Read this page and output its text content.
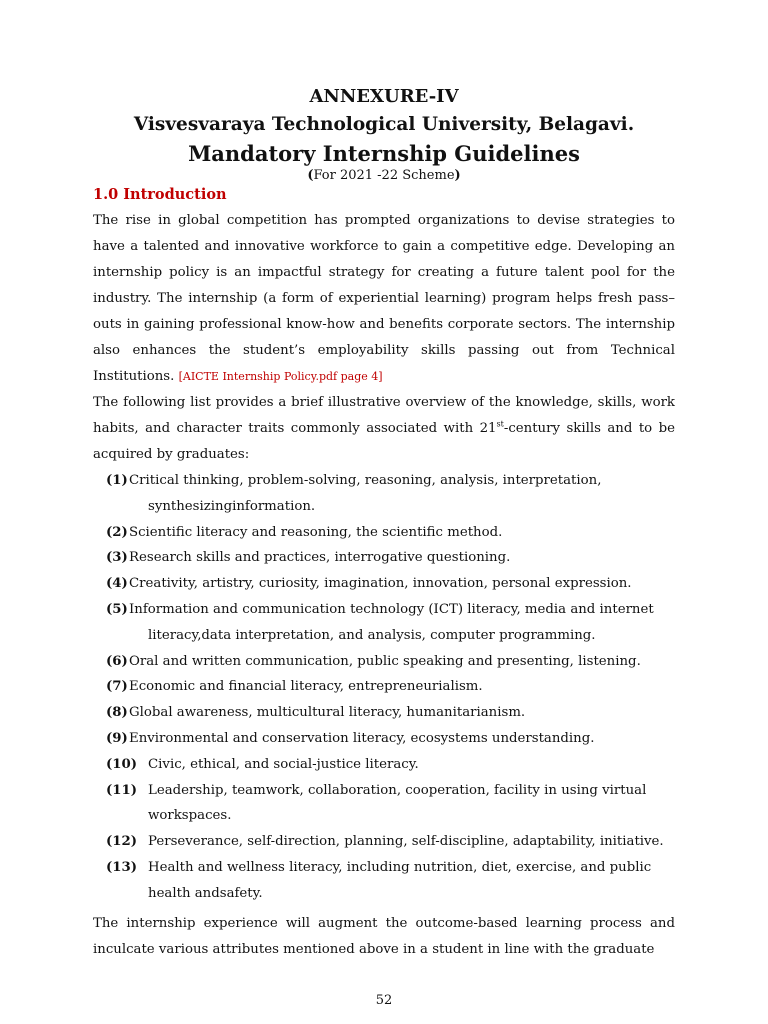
ANNEXURE-IV
Visvesvaraya Technological University, Belagavi.
Mandatory Internship Guidelines
(For 2021 -22 Scheme)
1.0 Introduction
The rise in global competition has prompted organizations to devise strategies to have a talented and innovative workforce to gain a competitive edge. Developing an internship policy is an impactful strategy for creating a future talent pool for the industry. The internship (a form of experiential learning) program helps fresh pass–outs in gaining professional know-how and benefits corporate sectors. The internship also enhances the student’s employability skills passing out from Technical Institutions. [AICTE Internship Policy.pdf page 4]
The following list provides a brief illustrative overview of the knowledge, skills, work habits, and character traits commonly associated with 21st-century skills and to be acquired by graduates:
(1) Critical thinking, problem-solving, reasoning, analysis, interpretation,
synthesizinginformation.
(2) Scientific literacy and reasoning, the scientific method.
(3) Research skills and practices, interrogative questioning.
(4) Creativity, artistry, curiosity, imagination, innovation, personal expression.
(5) Information and communication technology (ICT) literacy, media and internet
literacy,data interpretation, and analysis, computer programming.
(6) Oral and written communication, public speaking and presenting, listening.
(7) Economic and financial literacy, entrepreneurialism.
(8) Global awareness, multicultural literacy, humanitarianism.
(9) Environmental and conservation literacy, ecosystems understanding.
(10) Civic, ethical, and social-justice literacy.
(11) Leadership, teamwork, collaboration, cooperation, facility in using virtual
workspaces.
(12) Perseverance, self-direction, planning, self-discipline, adaptability, initiative.
(13) Health and wellness literacy, including nutrition, diet, exercise, and public
health andsafety.
The internship experience will augment the outcome-based learning process and inculcate various attributes mentioned above in a student in line with the graduate
52
